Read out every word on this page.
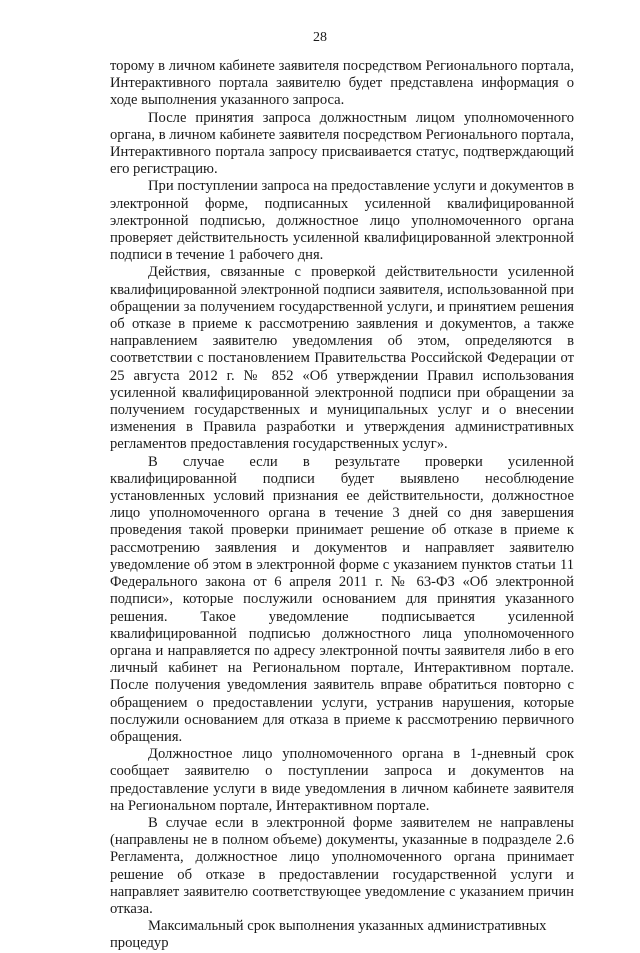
28

торому в личном кабинете заявителя посредством Регионального портала, Интерактивного портала заявителю будет представлена информация о ходе выполнения указанного запроса.

После принятия запроса должностным лицом уполномоченного органа, в личном кабинете заявителя посредством Регионального портала, Интерактивного портала запросу присваивается статус, подтверждающий его регистрацию.

При поступлении запроса на предоставление услуги и документов в электронной форме, подписанных усиленной квалифицированной электронной подписью, должностное лицо уполномоченного органа проверяет действительность усиленной квалифицированной электронной подписи в течение 1 рабочего дня.

Действия, связанные с проверкой действительности усиленной квалифицированной электронной подписи заявителя, использованной при обращении за получением государственной услуги, и принятием решения об отказе в приеме к рассмотрению заявления и документов, а также направлением заявителю уведомления об этом, определяются в соответствии с постановлением Правительства Российской Федерации от 25 августа 2012 г. № 852 «Об утверждении Правил использования усиленной квалифицированной электронной подписи при обращении за получением государственных и муниципальных услуг и о внесении изменения в Правила разработки и утверждения административных регламентов предоставления государственных услуг».

В случае если в результате проверки усиленной квалифицированной подписи будет выявлено несоблюдение установленных условий признания ее действительности, должностное лицо уполномоченного органа в течение 3 дней со дня завершения проведения такой проверки принимает решение об отказе в приеме к рассмотрению заявления и документов и направляет заявителю уведомление об этом в электронной форме с указанием пунктов статьи 11 Федерального закона от 6 апреля 2011 г. № 63-ФЗ «Об электронной подписи», которые послужили основанием для принятия указанного решения. Такое уведомление подписывается усиленной квалифицированной подписью должностного лица уполномоченного органа и направляется по адресу электронной почты заявителя либо в его личный кабинет на Региональном портале, Интерактивном портале. После получения уведомления заявитель вправе обратиться повторно с обращением о предоставлении услуги, устранив нарушения, которые послужили основанием для отказа в приеме к рассмотрению первичного обращения.

Должностное лицо уполномоченного органа в 1-дневный срок сообщает заявителю о поступлении запроса и документов на предоставление услуги в виде уведомления в личном кабинете заявителя на Региональном портале, Интерактивном портале.

В случае если в электронной форме заявителем не направлены (направлены не в полном объеме) документы, указанные в подразделе 2.6 Регламента, должностное лицо уполномоченного органа принимает решение об отказе в предоставлении государственной услуги и направляет заявителю соответствующее уведомление с указанием причин отказа.

Максимальный срок выполнения указанных административных процедур
